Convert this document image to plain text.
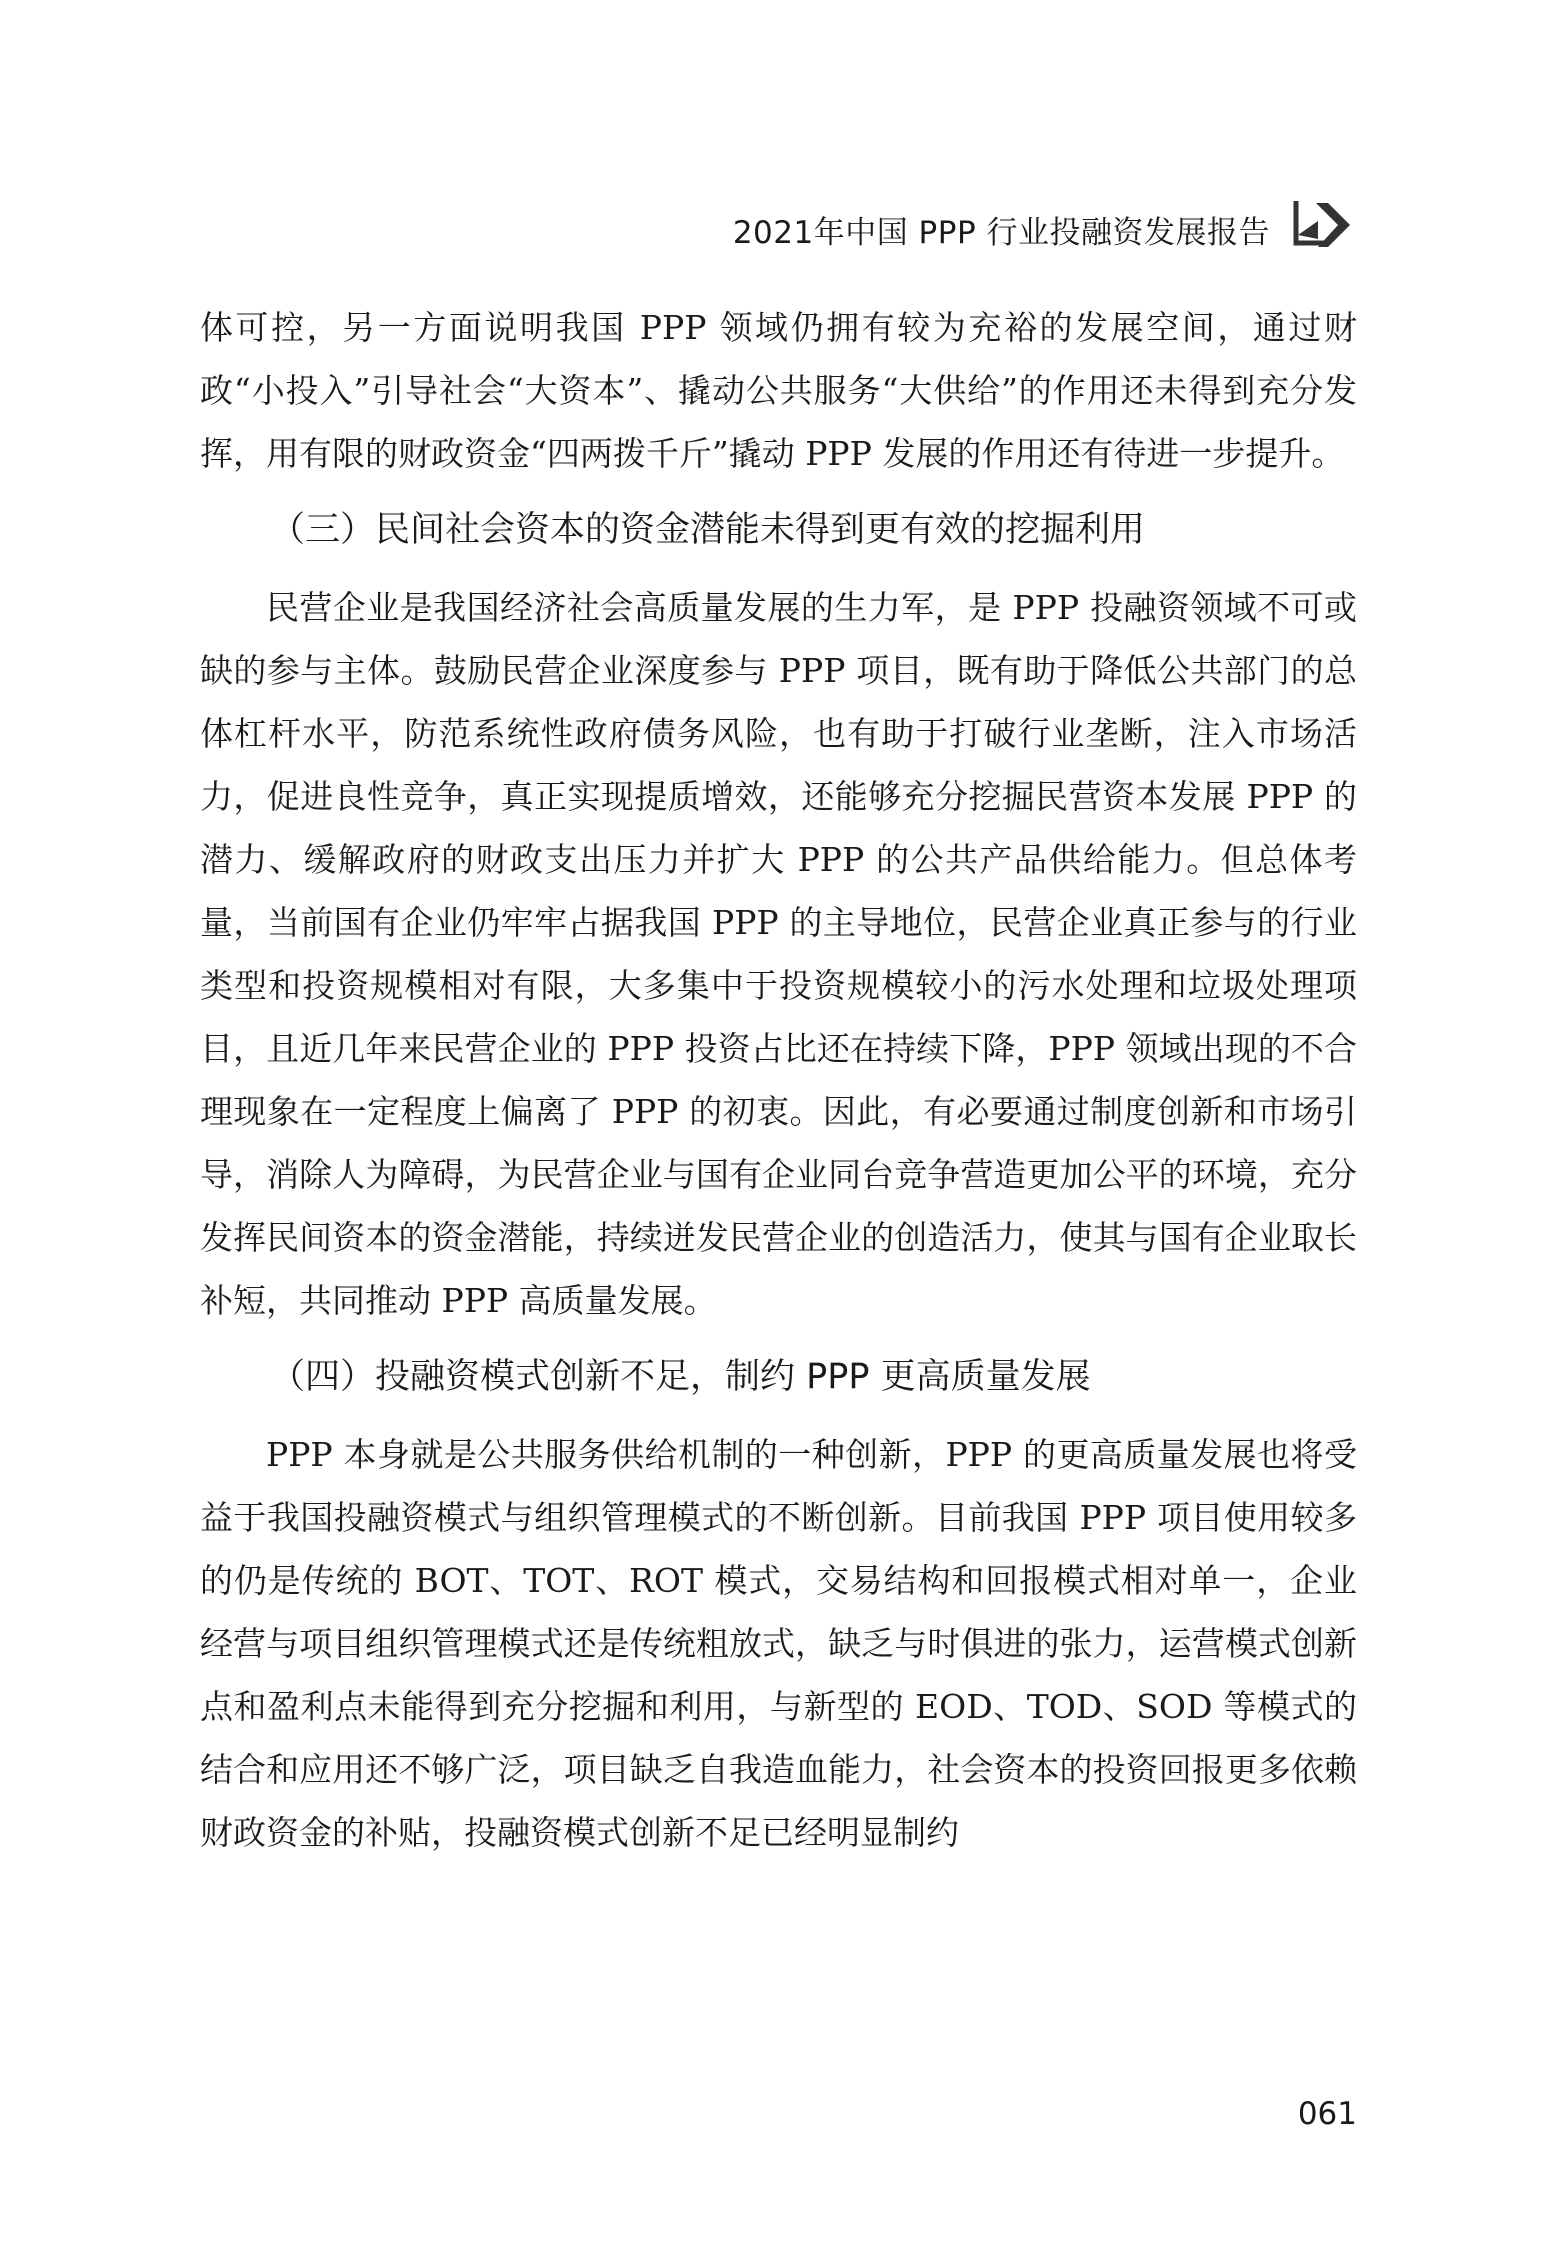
2021年中国 PPP 行业投融资发展报告

体可控，另一方面说明我国 PPP 领域仍拥有较为充裕的发展空间，通过财政“小投入”引导社会“大资本”、撬动公共服务“大供给”的作用还未得到充分发挥，用有限的财政资金“四两拨千斤”撬动 PPP 发展的作用还有待进一步提升。

（三）民间社会资本的资金潜能未得到更有效的挖掘利用

民营企业是我国经济社会高质量发展的生力军，是 PPP 投融资领域不可或缺的参与主体。鼓励民营企业深度参与 PPP 项目，既有助于降低公共部门的总体杠杆水平，防范系统性政府债务风险，也有助于打破行业垄断，注入市场活力，促进良性竞争，真正实现提质增效，还能够充分挖掘民营资本发展 PPP 的潜力、缓解政府的财政支出压力并扩大 PPP 的公共产品供给能力。但总体考量，当前国有企业仍牢牢占据我国 PPP 的主导地位，民营企业真正参与的行业类型和投资规模相对有限，大多集中于投资规模较小的污水处理和垃圾处理项目，且近几年来民营企业的 PPP 投资占比还在持续下降，PPP 领域出现的不合理现象在一定程度上偏离了 PPP 的初衷。因此，有必要通过制度创新和市场引导，消除人为障碍，为民营企业与国有企业同台竞争营造更加公平的环境，充分发挥民间资本的资金潜能，持续迸发民营企业的创造活力，使其与国有企业取长补短，共同推动 PPP 高质量发展。

（四）投融资模式创新不足，制约 PPP 更高质量发展

PPP 本身就是公共服务供给机制的一种创新，PPP 的更高质量发展也将受益于我国投融资模式与组织管理模式的不断创新。目前我国 PPP 项目使用较多的仍是传统的 BOT、TOT、ROT 模式，交易结构和回报模式相对单一，企业经营与项目组织管理模式还是传统粗放式，缺乏与时俱进的张力，运营模式创新点和盈利点未能得到充分挖掘和利用，与新型的 EOD、TOD、SOD 等模式的结合和应用还不够广泛，项目缺乏自我造血能力，社会资本的投资回报更多依赖财政资金的补贴，投融资模式创新不足已经明显制约

061
